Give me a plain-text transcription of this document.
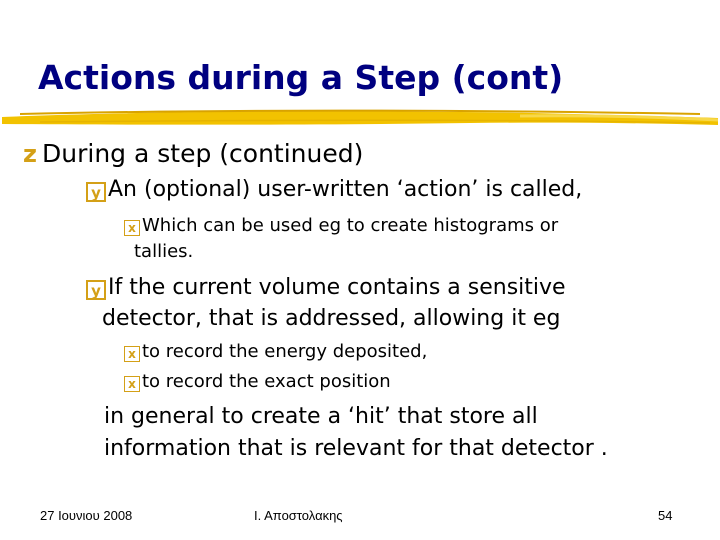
Actions during a Step (cont)
z During a step (continued)
y An (optional) user-written ‘action’ is called,
x Which can be used eg to create histograms or
tallies.
y If the current volume contains a sensitive
detector, that is addressed, allowing it eg
x to record the energy deposited,
x to record the exact position
in general to create a ‘hit’ that store all
information that is relevant for that detector .
27 Ιουνιου 2008	Ι. Αποστολακης	54
